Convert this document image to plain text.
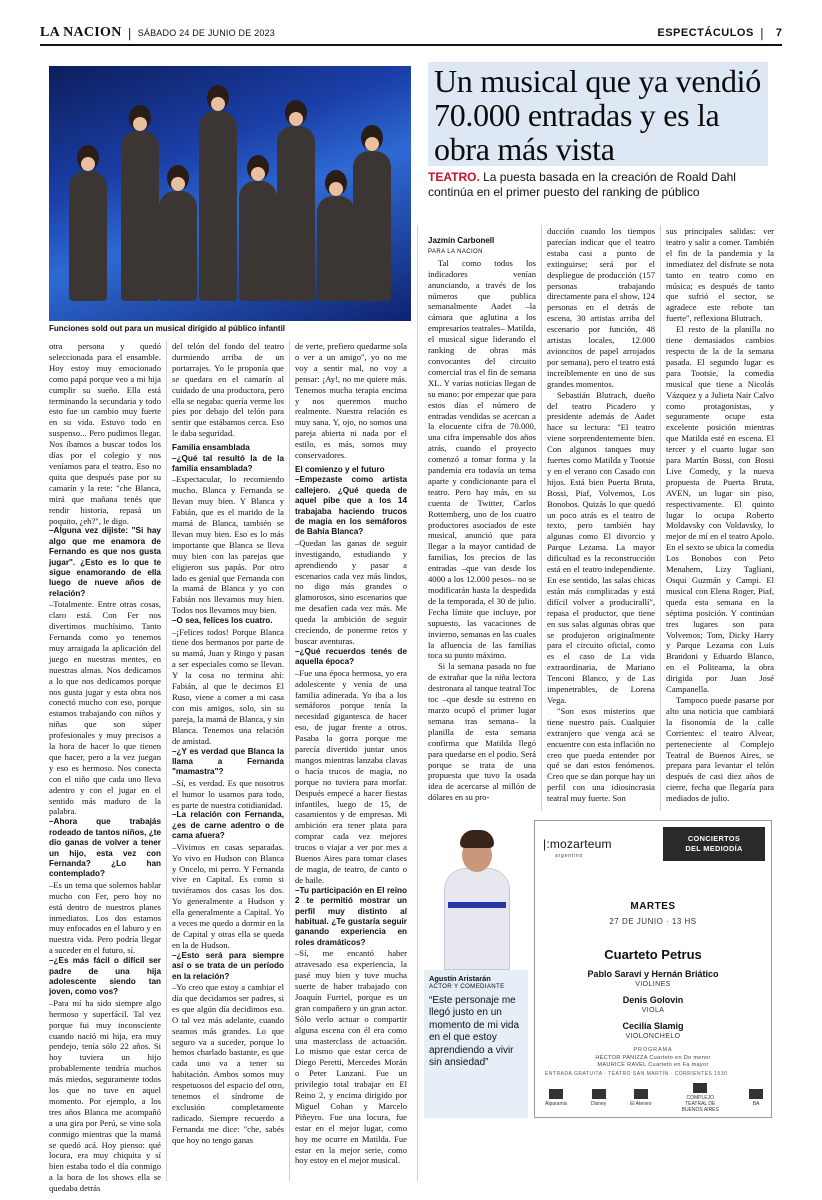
LA NACION | SÁBADO 24 DE JUNIO DE 2023	ESPECTÁCULOS | 7
Funciones sold out para un musical dirigido al público infantil
Un musical que ya vendió 70.000 entradas y es la obra más vista
TEATRO. La puesta basada en la creación de Roald Dahl continúa en el primer puesto del ranking de público

otra persona y quedó seleccionada para el ensamble. Hoy estoy muy emocionado como papá porque veo a mi hija cumplir su sueño. Ella está terminando la secundaria y todo esto fue un cambio muy fuerte en su vida. Estuvo todo en suspenso... Pero pudimos llegar. Nos íbamos a buscar todos los días por el colegio y nos veníamos para el teatro. Eso no quita que después pase por su camarín y la rete: "che Blanca, mirá que mañana tenés que rendir historia, repasá un poquito, ¿eh?", le digo.

–Alguna vez dijiste: "Si hay algo que me enamora de Fernando es que nos gusta jugar". ¿Esto es lo que te sigue enamorando de ella luego de nueve años de relación?

–Totalmente. Entre otras cosas, claro está. Con Fer nos divertimos muchísimo. Tanto Fernanda como yo tenemos muy arraigada la aplicación del juego en nuestras mentes, en nuestras almas. Nos dedicamos a lo que nos dedicamos porque nos gusta jugar y esta obra nos conectó mucho con eso, porque estamos trabajando con niños y niñas que son súper profesionales y muy precisos a la hora de hacer lo que tienen que hacer, pero a la vez juegan y eso es hermoso. Nos conecta con el niño que cada uno lleva adentro y con el jugar en el sentido más maduro de la palabra.

–Ahora que trabajás rodeado de tantos niños, ¿te dio ganas de volver a tener un hijo, esta vez con Fernanda? ¿Lo han contemplado?

–Es un tema que solemos hablar mucho con Fer, pero hoy no está dentro de nuestros planes inmediatos. Los dos estamos muy enfocados en el laburo y en nuestra vida. Pero podría llegar a suceder en el futuro, sí.

–¿Es más fácil o difícil ser padre de una hija adolescente siendo tan joven, como vos?

–Para mí ha sido siempre algo hermoso y superfácil. Tal vez porque fui muy inconsciente cuando nació mi hija, era muy pendejo, tenía sólo 22 años. Si hoy tuviera un hijo probablemente tendría muchos más miedos, seguramente todos los que no tuve en aquel momento. Por ejemplo, a los tres años Blanca me acompañó a una gira por Perú, se vino sola conmigo mientras que la mamá se quedó acá. Hoy pienso: qué locura, era muy chiquita y sí bien estaba todo el día conmigo a la hora de los shows ella se quedaba detrás

del telón del fondo del teatro durmiendo arriba de un portarrajes. Yo le proponía que se quedara en el camarín al cuidado de una productora, pero ella se negaba: quería verme los pies por debajo del telón para sentir que estábamos cerca. Eso le daba seguridad.

Familia ensamblada

–¿Qué tal resultó la de la familia ensamblada?

–Espectacular, lo recomiendo mucho. Blanca y Fernanda se llevan muy bien. Y Blanca y Fabián, que es el marido de la mamá de Blanca, también se llevan muy bien. Eso es lo más importante que Blanca se lleva muy bien con las parejas que eligieron sus papás. Por otro lado es genial que Fernanda con la mamá de Blanca y yo con Fabián nos llevamos muy bien. Todos nos llevamos muy bien.

–O sea, felices los cuatro.

–¡Felices todos! Porque Blanca tiene dos hermanos por parte de su mamá, Juan y Ringo y pasan a ser especiales como se llevan. Y la cosa no termina ahí: Fabián, al que le decimos El Ruso, viene a comer a mi casa con mis amigos, solo, sin su pareja, la mamá de Blanca, y sin Blanca. Tenemos una relación de amistad.

–¿Y es verdad que Blanca la llama a Fernanda "mamastra"?

–Sí, es verdad. Es que nosotros el humor lo usamos para todo, es parte de nuestra cotidianidad.

–La relación con Fernanda, ¿es de carne adentro o de cama afuera?

–Vivimos en casas separadas. Yo vivo en Hudson con Blanca y Oncelo, mi perro. Y Fernanda vive en Capital. Es como si tuviéramos dos casas los dos. Yo generalmente a Hudson y ella generalmente a Capital. Yo a veces me quedo a dormir en la de Capital y otras ella se queda en la de Hudson.

–¿Esto será para siempre así o se trata de un período en la relación?

–Yo creo que estoy a cambiar el día que decidamos ser padres, si es que algún día decidimos eso. O tal vez más adelante, cuando seamos más grandes. Lo que seguro va a suceder, porque lo hemos charlado bastante, es que cada uno va a tener su habitación. Ambos somos muy respetuosos del espacio del otro, tenemos el síndrome de exclusión completamente radicado. Siempre recuerdo a Fernanda me dice: "che, sabés que hoy no tengo ganas

de verte, prefiero quedarme sola o ver a un amigo", yo no me voy a sentir mal, no voy a pensar: ¡Ay!, no me quiere más. Tenemos mucha terapia encima y nos queremos mucho realmente. Nuestra relación es muy sana. Y, ojo, no somos una pareja abierta ni nada por el estilo, es más, somos muy conservadores.

El comienzo y el futuro

–Empezaste como artista callejero. ¿Qué queda de aquel pibe que a los 14 trabajaba haciendo trucos de magia en los semáforos de Bahía Blanca?

–Quedan las ganas de seguir investigando, estudiando y aprendiendo y pasar a escenarios cada vez más lindos, no digo más grandes o glamorosos, sino escenarios que me desafíen cada vez más. Me queda la ambición de seguir creciendo, de ponerme retos y buscar aventuras.

–¿Qué recuerdos tenés de aquella época?

–Fue una época hermosa, yo era adolescente y venía de una familia adinerada. Yo iba a los semáforos porque tenía la necesidad gigantesca de hacer eso, de jugar frente a otros. Pasaba la gorra porque me parecía divertido juntar unos mangos mientras lanzaba clavas o hacía trucos de magia, no porque no tuviera para morfar. Después empecé a hacer fiestas infantiles, luego de 15, de casamientos y de empresas. Mi ambición era tener plata para comprar cada vez mejores trucos o viajar a ver por mes a Buenos Aires para tomar clases de magia, de teatro, de canto o de baile.

–Tu participación en El reino 2 te permitió mostrar un perfil muy distinto al habitual. ¿Te gustaría seguir ganando experiencia en roles dramáticos?

–Sí, me encantó haber atravesado esa experiencia, la pasé muy bien y tuve mucha suerte de haber trabajado con Joaquín Furriel, porque es un gran compañero y un gran actor. Sólo verlo actuar o compartir alguna escena con él era como una masterclass de actuación. Lo mismo que estar cerca de Diego Peretti, Mercedes Morán o Peter Lanzani. Fue un privilegio total trabajar en El Reino 2, y encima dirigido por Miguel Cohan y Marcelo Piñeyro. Fue una locura, fue estar en el mejor lugar, como hoy me ocurre en Matilda. Fue estar en la mejor serie, como hoy estoy en el mejor musical.

Jazmín Carbonell

PARA LA NACION

Tal como todos los indicadores venían anunciando, a través de los números que publica semanalmente Aadet –la cámara que aglutina a los empresarios teatrales– Matilda, el musical sigue liderando el ranking de obras más convocantes del circuito comercial tras el fin de semana XL. Y varias noticias llegan de su mano: por empezar que para estos días el número de entradas vendidas se acercan a la elocuente cifra de 70.000, una cifra impensable dos años atrás, cuando el proyecto comenzó a tomar forma y la pandemia era todavía un tema aparte y condicionante para el teatro. Pero hay más, en su cuenta de Twitter, Carlos Rottemberg, uno de los cuatro productores asociados de este musical, anunció que para llegar a la mayor cantidad de familias, los precios de las entradas –que van desde los 4000 a los 12.000 pesos– no se modificarán hasta la despedida de la temporada, el 30 de julio. Fecha límite que incluye, por supuesto, las vacaciones de invierno, semanas en las cuales la afluencia de las familias toca su punto máximo.

Si la semana pasada no fue de extrañar que la niña lectora destronara al tanque teatral Toc toc –que desde su estreno en marzo ocupó el primer lugar semana tras semana– la planilla de esta semana confirma que Matilda llegó para quedarse en el podio. Será porque se trata de una propuesta que tuvo la osada idea de acercarse al millón de dólares en su pro-

ducción cuando los tiempos parecían indicar que el teatro estaba casi a punto de extinguirse; será por el despliegue de producción (157 personas trabajando directamente para el show, 124 personas en el detrás de escena, 30 artistas arriba del escenario por función, 48 artistas locales, 12.000 avioncitos de papel arrojados por semana), pero el teatro está increíblemente en uno de sus grandes momentos.

Sebastián Blutrach, dueño del teatro Picadero y presidente además de Aadet hace su lectura: "El teatro viene sorprendentemente bien. Con algunos tanques muy fuertes como Matilda y Tootsie y en el verano con Casado con hijos. Está bien Puerta Bruta, Bossi, Piaf, Volvemos, Los Bonobos. Quizás lo que quedó un poco atrás es el teatro de texto, pero también hay algunas como El divorcio y Parque Lezama. La mayor dificultad es la reconstrucción está en el teatro independiente. En ese sentido, las salas chicas están más complicadas y está difícil volver a producirallí", repasa el productor, que tiene en sus salas algunas obras que se produjeron originalmente para el circuito oficial, como es el caso de La vida extraordinaria, de Mariano Tenconi Blanco, y de Las impenetrables, de Lorena Vega.

"Son esos misterios que tiene nuestro país. Cualquier extranjero que venga acá se encuentre con esta inflación no creo que pueda entender por qué se dan estos fenómenos. Creo que se dan porque hay un perfil con una idiosincrasia teatral muy fuerte. Son

sus principales salidas: ver teatro y salir a comer. También el fin de la pandemia y la inmediatez del disfrute se nota tanto en teatro como en música; es después de tanto que sufrió el sector, se agradece este rebote tan fuerte", reflexiona Blutrach.

El resto de la planilla no tiene demasiados cambios respecto de la de la semana pasada. El segundo lugar es para Tootsie, la comedia musical que tiene a Nicolás Vázquez y a Julieta Nair Calvo como protagonistas, y seguramente ocupe esta excelente posición mientras que Matilda esté en escena. El tercer y el cuarto lugar son para Martín Bossi, con Bossi Live Comedy, y la nueva propuesta de Puerta Bruta, AVEN, un lugar sin piso, respectivamente. El quinto lugar lo ocupa Roberto Moldavsky con Voldavsky, lo mejor de mí en el teatro Apolo. En el sexto se ubica la comedia Los Bonobos con Peto Menahem, Lizy Tagliani, Osqui Guzmán y Campi. El musical con Elena Roger, Piaf, queda esta semana en la séptima posición. Y continúan tres lugares son para Volvemos; Tom, Dicky Harry y Parque Lezama con Luis Brandoni y Eduardo Blanco, en el Politeama, la obra dirigida por Juan José Campanella.

Tampoco puede pasarse por alto una noticia que cambiará la fisonomía de la calle Corrientes: el teatro Alvear, perteneciente al Complejo Teatral de Buenos Aires, se prepara para levantar el telón después de casi diez años de cierre, fecha que llegaría para mediados de julio.

Agustín Aristarán
ACTOR Y COMEDIANTE
“Este personaje me llegó justo en un momento de mi vida en el que estoy aprendiendo a vivir sin ansiedad”
|:mozarteum
argentino
CONCIERTOS
DEL MEDIODÍA
MARTES
27 DE JUNIO · 13 HS
Cuarteto Petrus
Pablo Saraví y Hernán Briático
VIOLINES
Denis Golovin
VIOLA
Cecilia Slamig
VIOLONCHELO
PROGRAMA
HÉCTOR PANIZZA Cuarteto en Do menor
MAURICE RAVEL Cuarteto en Fa mayor
ENTRADA GRATUITA · TEATRO SAN MARTÍN · CORRIENTES 1530
Alparamis	Disney	El Ateneo
COMPLEJO TEATRAL DE BUENOS AIRES
BA
